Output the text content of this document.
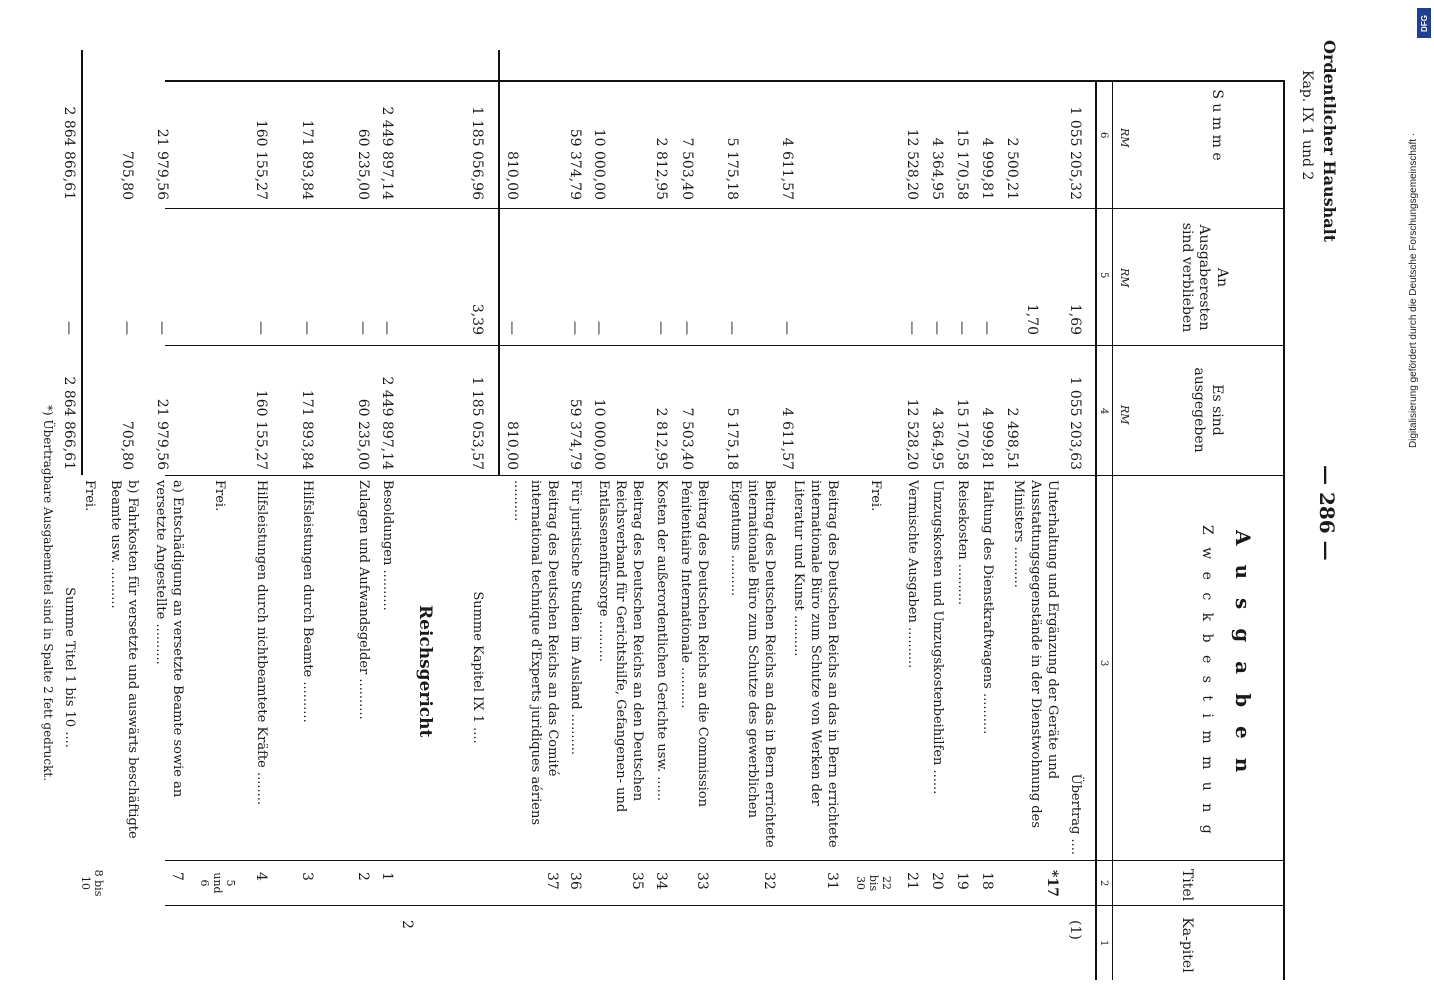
Ordentlicher Haushalt
Kap. IX 1 und 2
— 286 —
Ka-pitel
Titel
A u s g a b e n
Z w e c k b e s t i m m u n g
Es sind ausgegeben
An Ausgaberesten sind verblieben
S u m m e
RM
RM
RM
1
2
3
4
5
6
(1)
Übertrag ....
1 055 203,63
1,69
1 055 205,32
*17
Unterhaltung und Ergänzung der Geräte und Ausstattungsgegenstände in der Dienstwohnung des Ministers ..........
2 498,51
1,70
2 500,21
18
Haltung des Dienstkraftwagens ..........
4 999,81
—
4 999,81
19
Reisekosten ..........
15 170,58
—
15 170,58
20
Umzugskosten und Umzugskostenbeihilfen ......
4 364,95
—
4 364,95
21
Vermischte Ausgaben ..........
12 528,20
—
12 528,20
22 bis 30
Frei.
31
Beitrag des Deutschen Reichs an das in Bern errichtete internationale Büro zum Schutze von Werken der Literatur und Kunst ..........
4 611,57
—
4 611,57
32
Beitrag des Deutschen Reichs an das in Bern errichtete internationale Büro zum Schutze des gewerblichen Eigentums ..........
5 175,18
—
5 175,18
33
Beitrag des Deutschen Reichs an die Commission Pénitentiaire Internationale ..........
7 503,40
—
7 503,40
34
Kosten der außerordentlichen Gerichte usw. ......
2 812,95
—
2 812,95
35
Beitrag des Deutschen Reichs an den Deutschen Reichsverband für Gerichtshilfe, Gefangenen- und Entlassenenfürsorge ..........
10 000,00
—
10 000,00
36
Für juristische Studien im Ausland ..........
59 374,79
—
59 374,79
37
Beitrag des Deutschen Reichs an das Comité international technique d'Experts juridiques aériens ..........
810,00
—
810,00
Summe Kapitel IX 1 ....
1 185 053,57
3,39
1 185 056,96
2
Reichsgericht
1
Besoldungen ..........
2 449 897,14
—
2 449 897,14
2
Zulagen und Aufwandsgelder ..........
60 235,00
—
60 235,00
3
Hilfsleistungen durch Beamte ..........
171 893,84
—
171 893,84
4
Hilfsleistungen durch nichtbeamtete Kräfte ........
160 155,27
—
160 155,27
5 und 6
Frei.
7
a) Entschädigung an versetzte Beamte sowie an versetzte Angestellte ..........
21 979,56
—
21 979,56
b) Fahrkosten für versetzte und auswärts beschäftigte Beamte usw. ..........
705,80
—
705,80
8 bis 10
Frei.
Summe Titel 1 bis 10 ....
2 864 866,61
—
2 864 866,61
*) Übertragbare Ausgabemittel sind in Spalte 2 fett gedruckt.
Digitalisierung gefördert durch die Deutsche Forschungsgemeinschaft ·
DFG
